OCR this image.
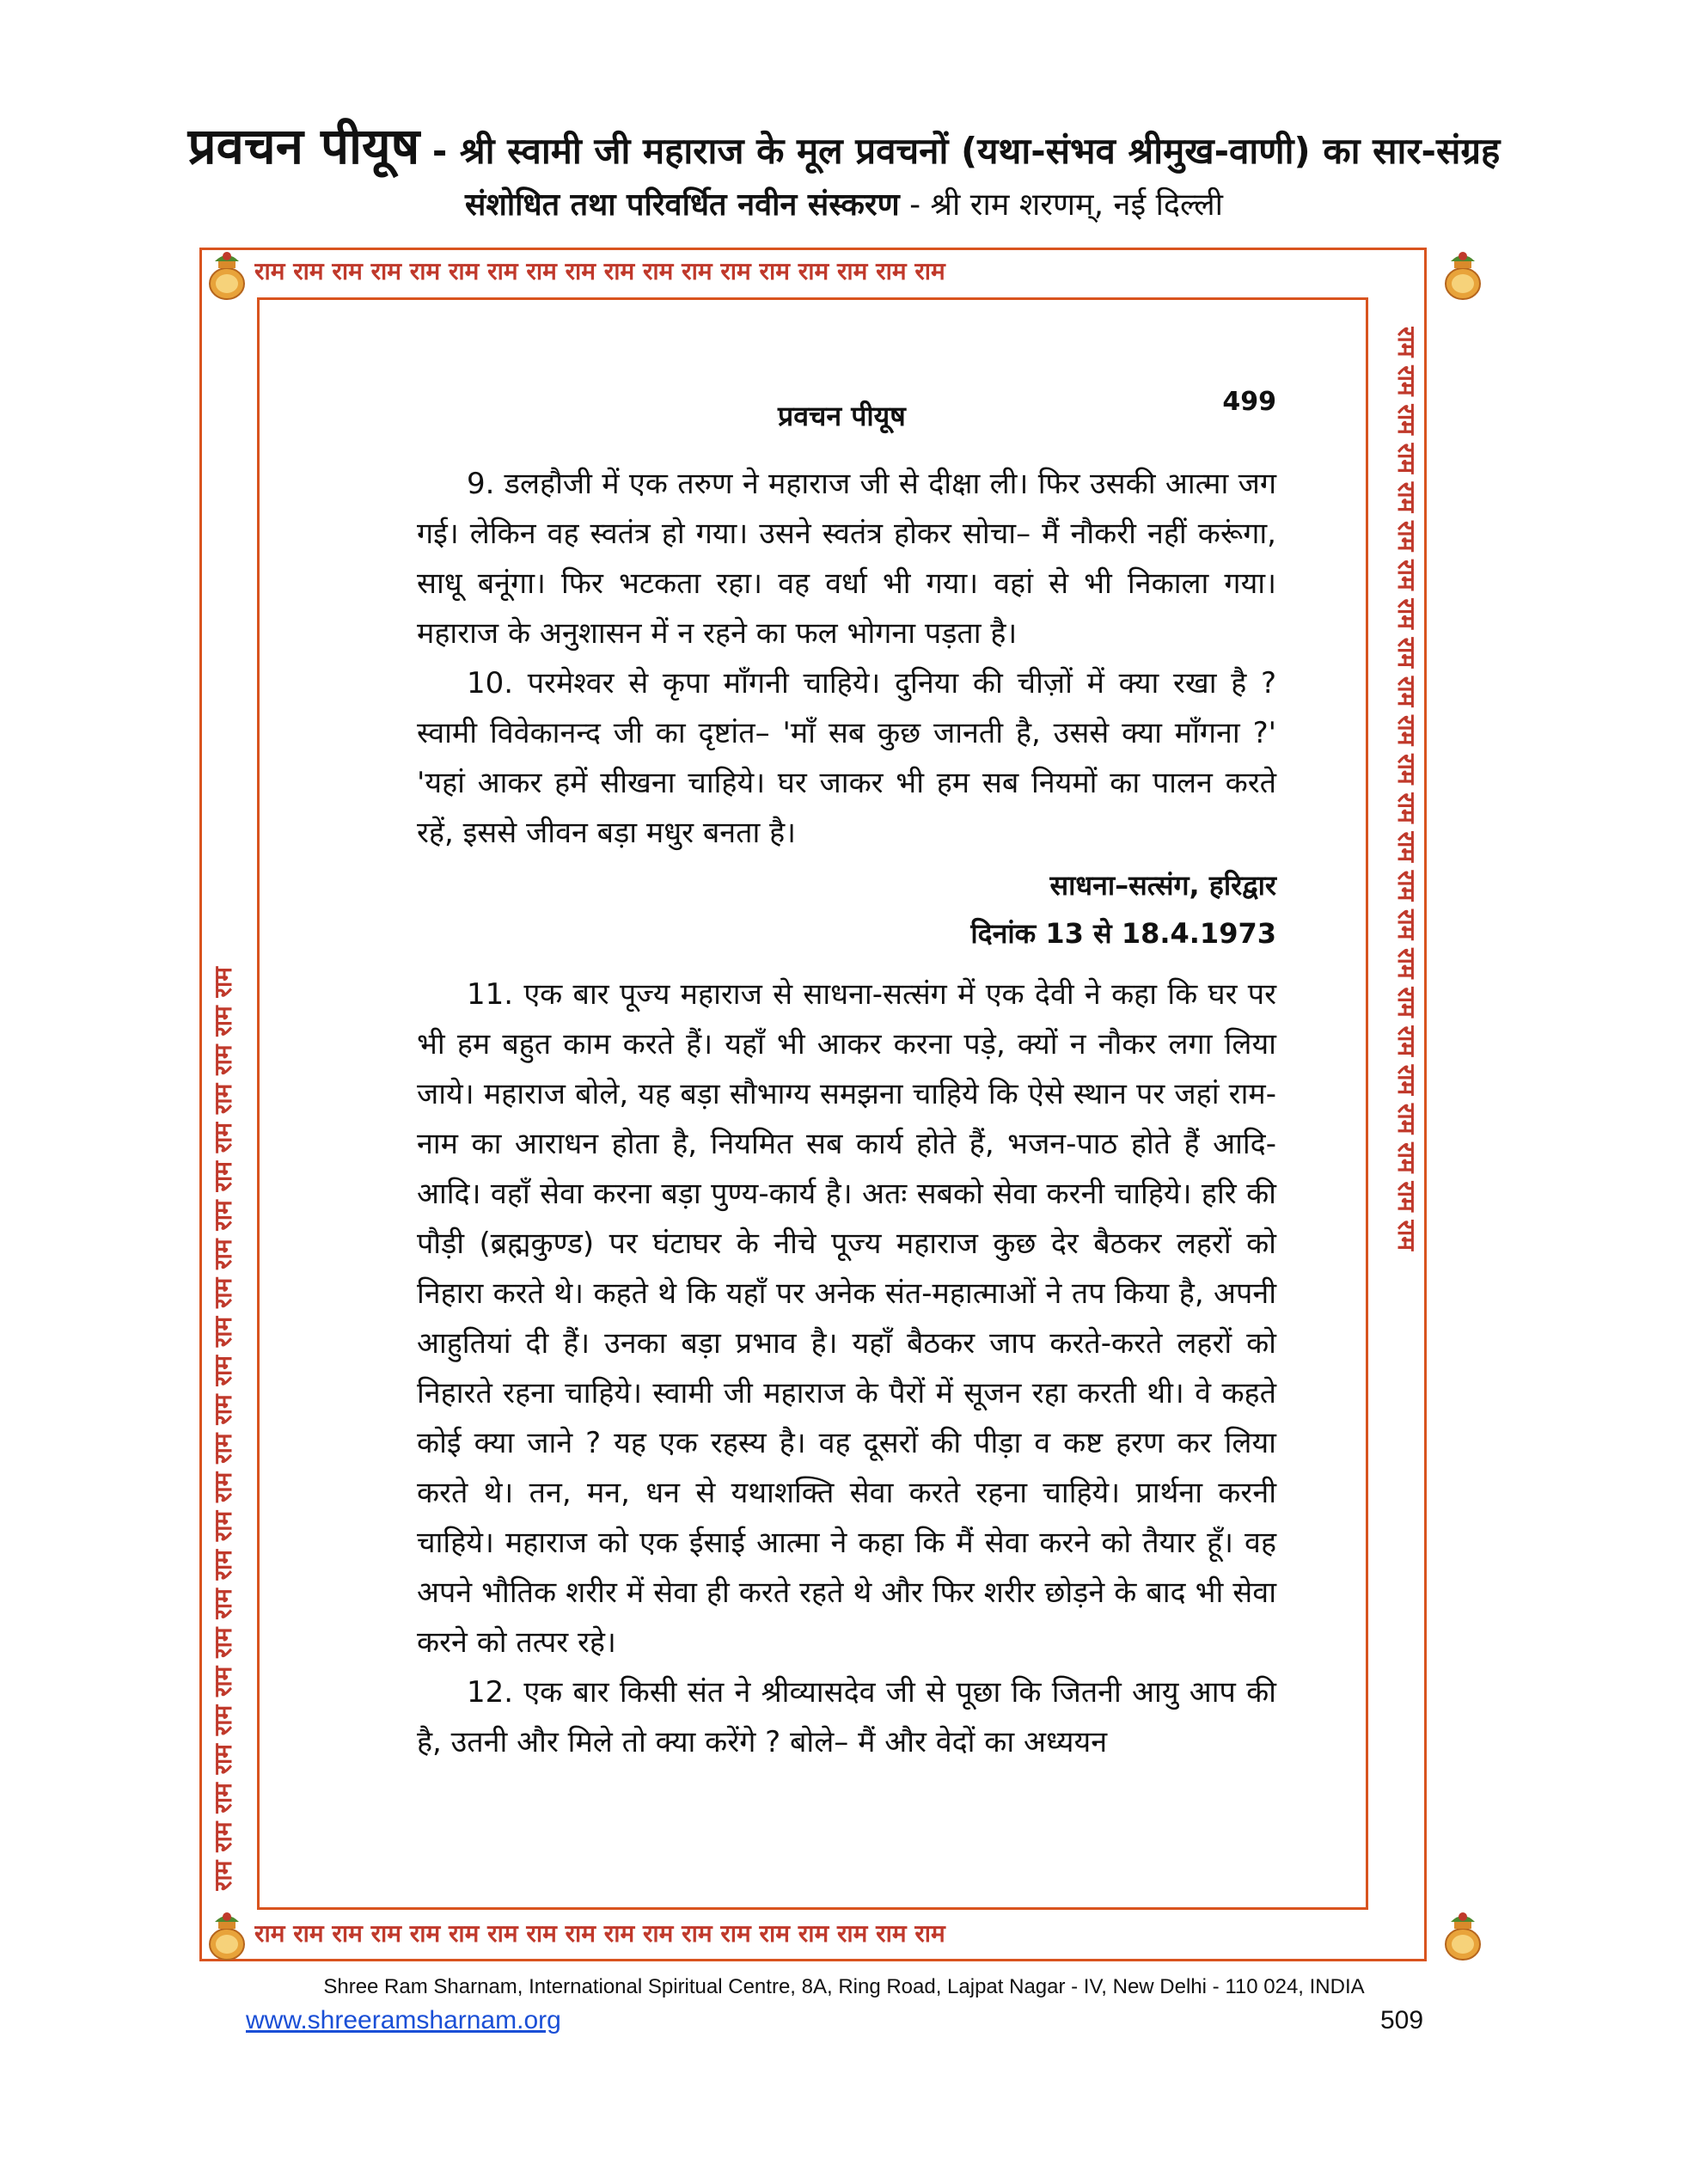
प्रवचन पीयूष - श्री स्वामी जी महाराज के मूल प्रवचनों (यथा-संभव श्रीमुख-वाणी) का सार-संग्रह
संशोधित तथा परिवर्धित नवीन संस्करण - श्री राम शरणम्, नई दिल्ली
राम राम राम राम राम राम राम राम राम राम राम राम राम राम राम राम राम राम
राम राम राम राम राम राम राम राम राम राम राम राम राम राम राम राम राम राम
राम राम राम राम राम राम राम राम राम राम राम राम राम राम राम राम राम राम राम राम राम राम राम राम
राम राम राम राम राम राम राम राम राम राम राम राम राम राम राम राम राम राम राम राम राम राम राम राम
प्रवचन पीयूष	499

9. डलहौजी में एक तरुण ने महाराज जी से दीक्षा ली। फिर उसकी आत्मा जग गई। लेकिन वह स्वतंत्र हो गया। उसने स्वतंत्र होकर सोचा– मैं नौकरी नहीं करूंगा, साधू बनूंगा। फिर भटकता रहा। वह वर्धा भी गया। वहां से भी निकाला गया। महाराज के अनुशासन में न रहने का फल भोगना पड़ता है।

10. परमेश्वर से कृपा माँगनी चाहिये। दुनिया की चीज़ों में क्या रखा है ? स्वामी विवेकानन्द जी का दृष्टांत– 'माँ सब कुछ जानती है, उससे क्या माँगना ?' 'यहां आकर हमें सीखना चाहिये। घर जाकर भी हम सब नियमों का पालन करते रहें, इससे जीवन बड़ा मधुर बनता है।

साधना–सत्संग, हरिद्वार

दिनांक 13 से 18.4.1973

11. एक बार पूज्य महाराज से साधना-सत्संग में एक देवी ने कहा कि घर पर भी हम बहुत काम करते हैं। यहाँ भी आकर करना पड़े, क्यों न नौकर लगा लिया जाये। महाराज बोले, यह बड़ा सौभाग्य समझना चाहिये कि ऐसे स्थान पर जहां राम-नाम का आराधन होता है, नियमित सब कार्य होते हैं, भजन-पाठ होते हैं आदि-आदि। वहाँ सेवा करना बड़ा पुण्य-कार्य है। अतः सबको सेवा करनी चाहिये। हरि की पौड़ी (ब्रह्मकुण्ड) पर घंटाघर के नीचे पूज्य महाराज कुछ देर बैठकर लहरों को निहारा करते थे। कहते थे कि यहाँ पर अनेक संत-महात्माओं ने तप किया है, अपनी आहुतियां दी हैं। उनका बड़ा प्रभाव है। यहाँ बैठकर जाप करते-करते लहरों को निहारते रहना चाहिये। स्वामी जी महाराज के पैरों में सूजन रहा करती थी। वे कहते कोई क्या जाने ? यह एक रहस्य है। वह दूसरों की पीड़ा व कष्ट हरण कर लिया करते थे। तन, मन, धन से यथाशक्ति सेवा करते रहना चाहिये। प्रार्थना करनी चाहिये। महाराज को एक ईसाई आत्मा ने कहा कि मैं सेवा करने को तैयार हूँ। वह अपने भौतिक शरीर में सेवा ही करते रहते थे और फिर शरीर छोड़ने के बाद भी सेवा करने को तत्पर रहे।

12. एक बार किसी संत ने श्रीव्यासदेव जी से पूछा कि जितनी आयु आप की है, उतनी और मिले तो क्या करेंगे ? बोले– मैं और वेदों का अध्ययन

Shree Ram Sharnam, International Spiritual Centre, 8A, Ring Road, Lajpat Nagar - IV, New Delhi - 110 024, INDIA
www.shreeramsharnam.org	509
